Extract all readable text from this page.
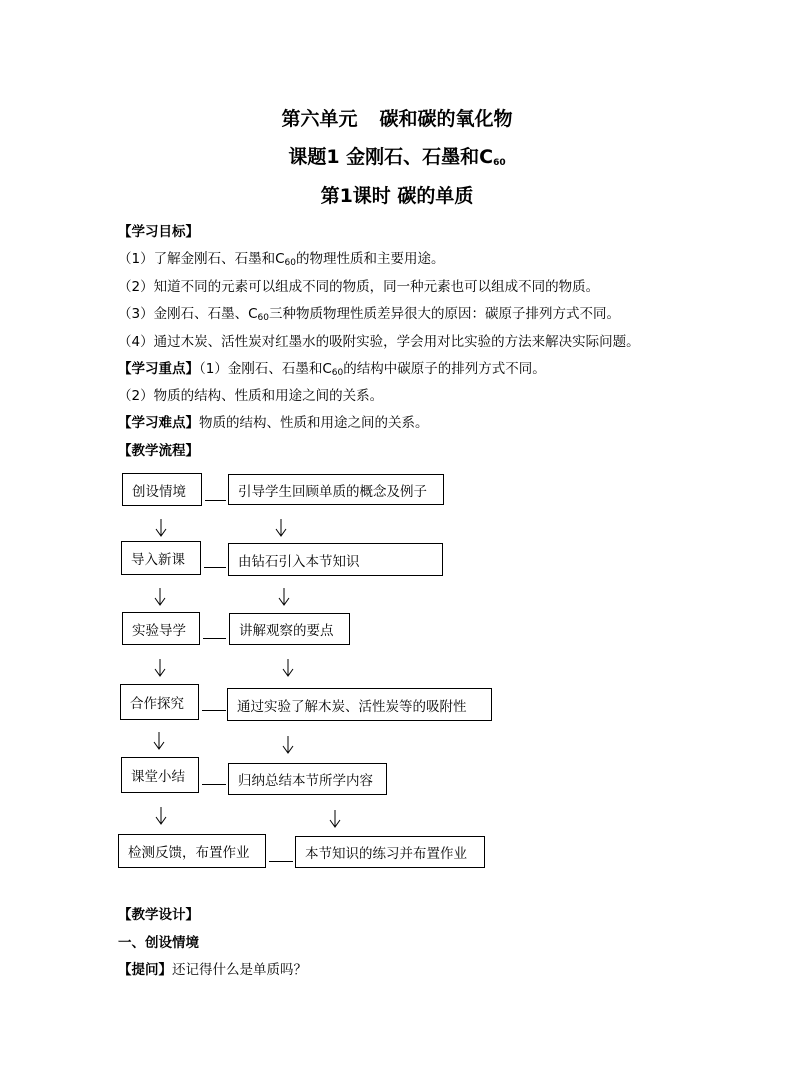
第六单元 碳和碳的氧化物
课题1 金刚石、石墨和$C_{60}$
第1课时 碳的单质
【学习目标】
（1）了解金刚石、石墨和$C_{60}$的物理性质和主要用途。
（2）知道不同的元素可以组成不同的物质，同一种元素也可以组成不同的物质。
（3）金刚石、石墨、$C_{60}$三种物质物理性质差异很大的原因：碳原子排列方式不同。
（4）通过木炭、活性炭对红墨水的吸附实验，学会用对比实验的方法来解决实际问题。
【学习重点】（1）金刚石、石墨和$C_{60}$的结构中碳原子的排列方式不同。
（2）物质的结构、性质和用途之间的关系。
【学习难点】物质的结构、性质和用途之间的关系。
【教学流程】
创设情境	引导学生回顾单质的概念及例子
导入新课	由钻石引入本节知识
实验导学	讲解观察的要点
合作探究	通过实验了解木炭、活性炭等的吸附性
课堂小结	归纳总结本节所学内容
检测反馈，布置作业	本节知识的练习并布置作业
【教学设计】
一、创设情境
【提问】还记得什么是单质吗？
